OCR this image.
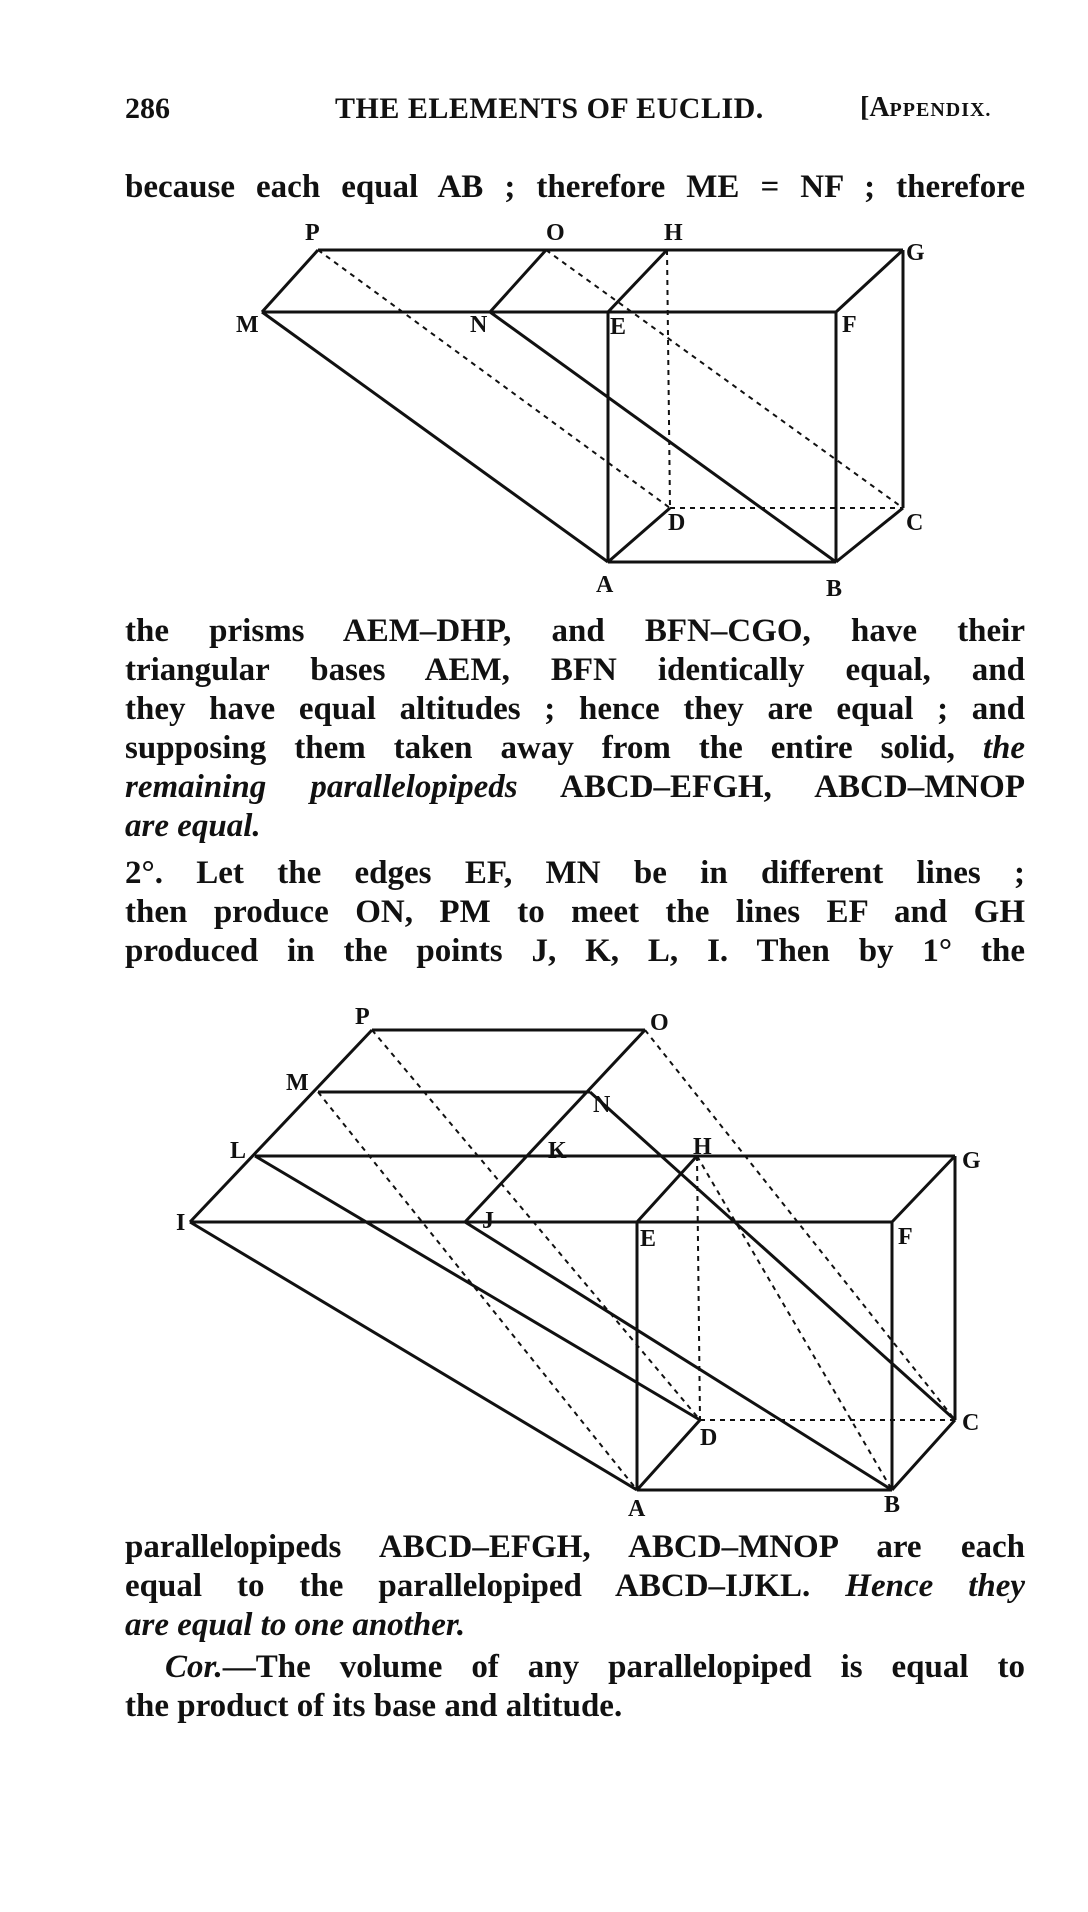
286	THE ELEMENTS OF EUCLID.	[APPENDIX.

because each equal AB ; therefore ME = NF ; therefore

P	O	H
G
M	N	E	F
D	C
A	B

the prisms AEM–DHP, and BFN–CGO, have their

triangular bases AEM, BFN identically equal, and

they have equal altitudes ; hence they are equal ; and

supposing them taken away from the entire solid, the

remaining parallelopipeds ABCD–EFGH, ABCD–MNOP

are equal.

2°. Let the edges EF, MN be in different lines ;

then produce ON, PM to meet the lines EF and GH

produced in the points J, K, L, I. Then by 1° the

P	O
M
N
L	K	H
G
I	J
E	F
D
C
A	B

parallelopipeds ABCD–EFGH, ABCD–MNOP are each

equal to the parallelopiped ABCD–IJKL. Hence they

are equal to one another.

Cor.—The volume of any parallelopiped is equal to

the product of its base and altitude.
